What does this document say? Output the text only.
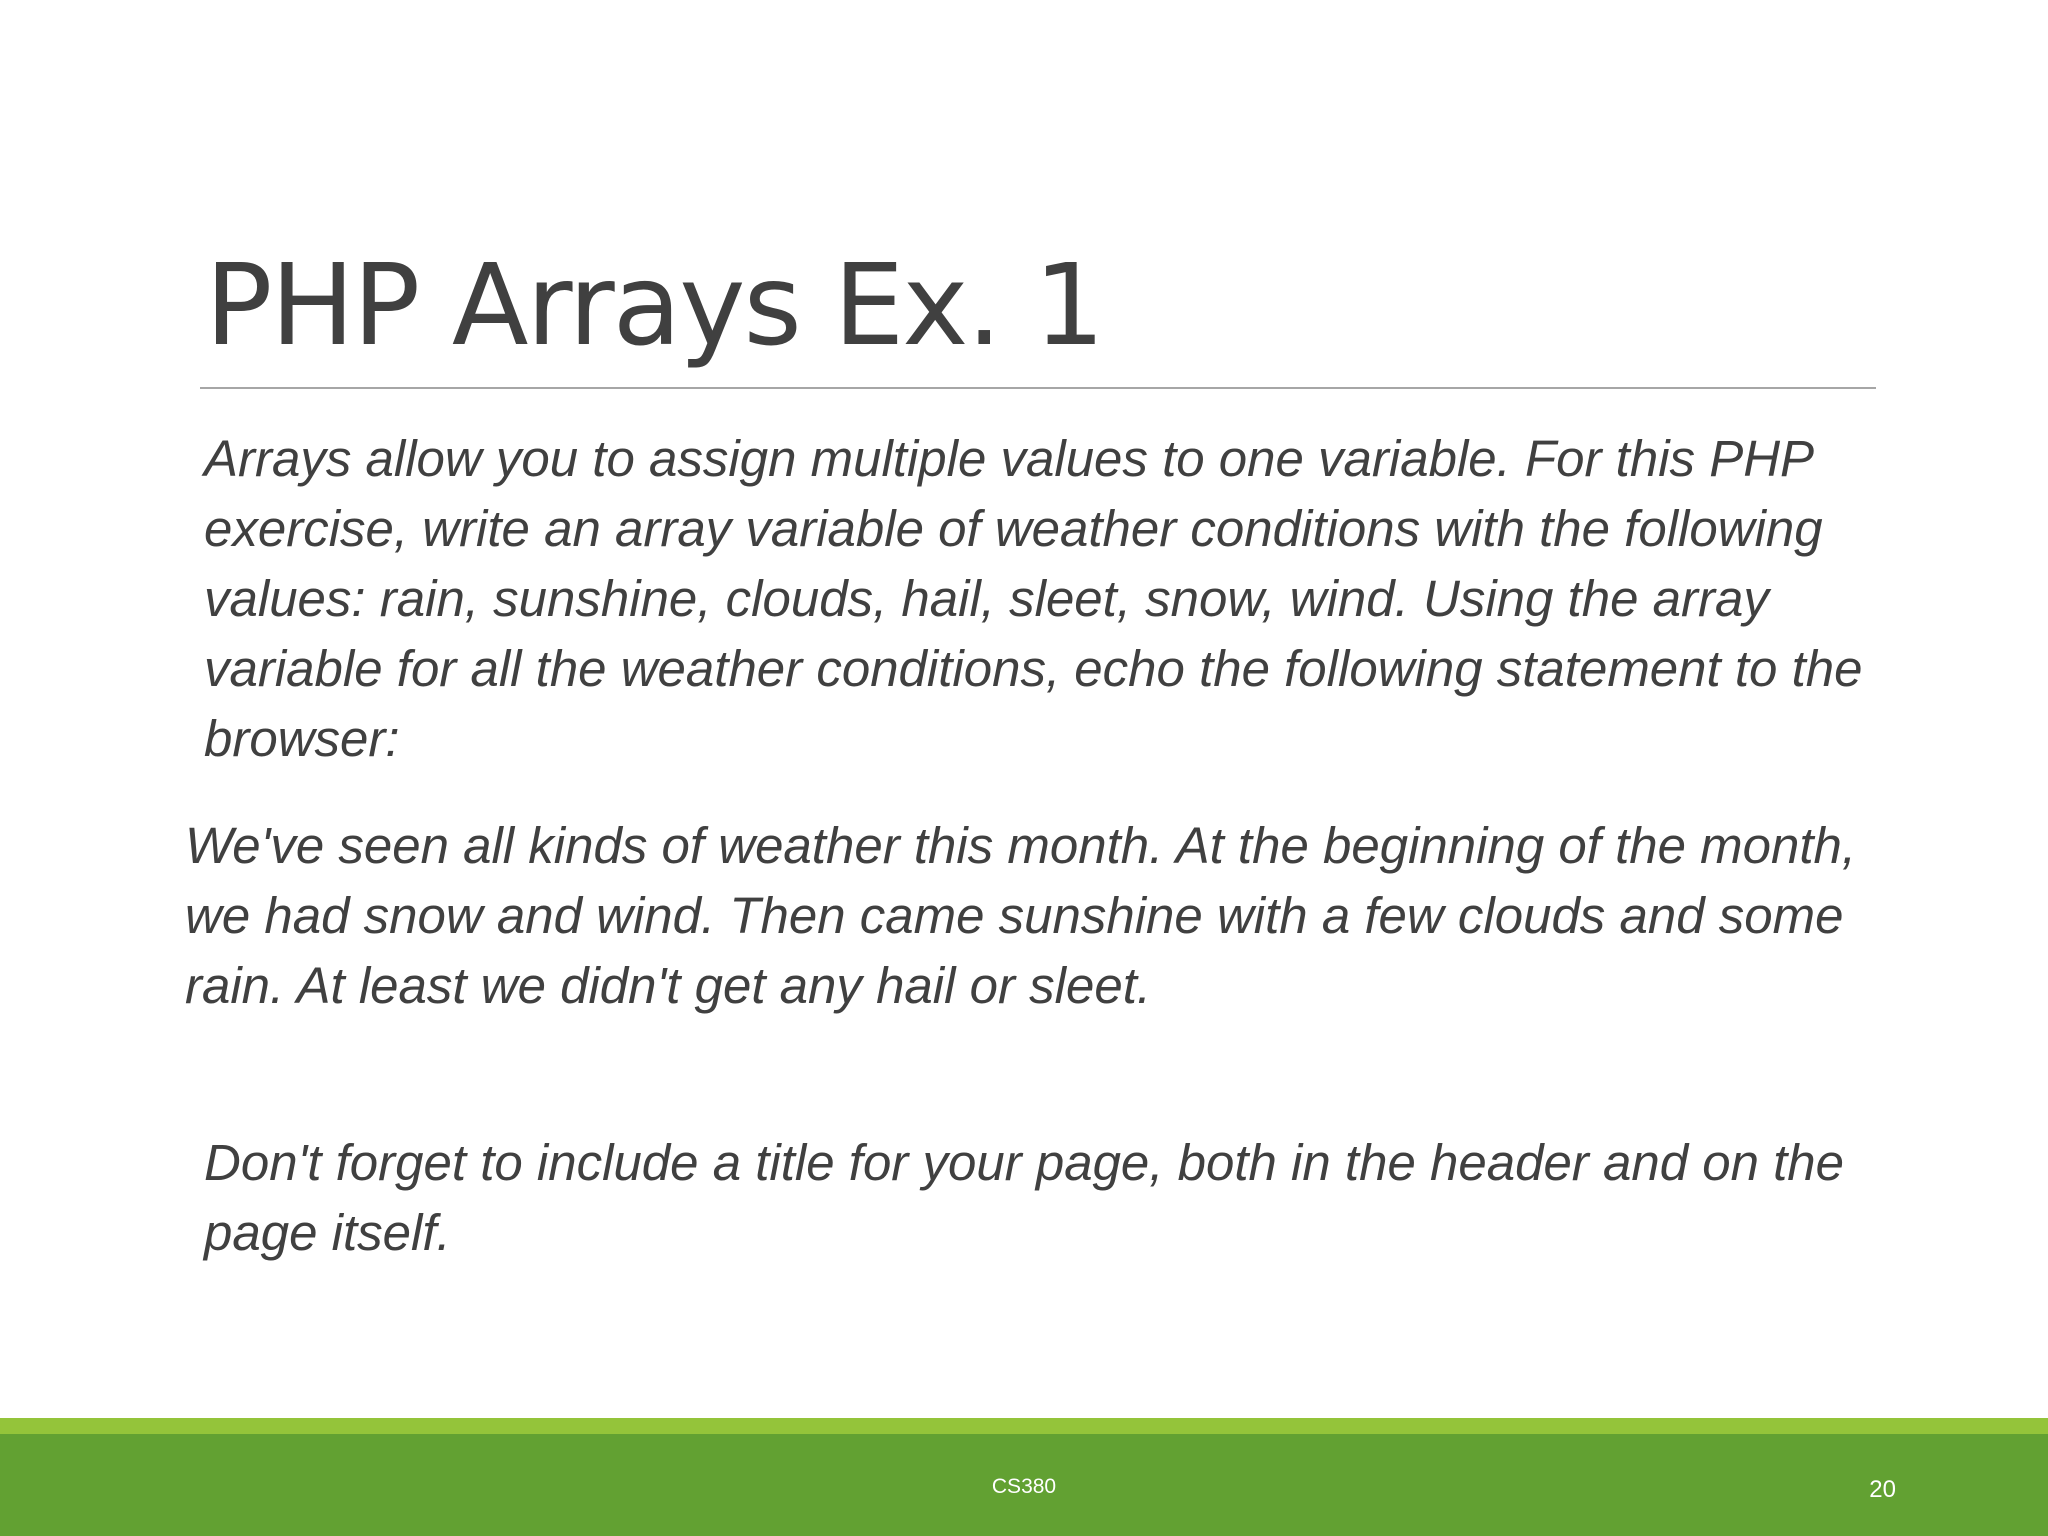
PHP Arrays Ex. 1

Arrays allow you to assign multiple values to one variable. For this PHP exercise, write an array variable of weather conditions with the following values: rain, sunshine, clouds, hail, sleet, snow, wind. Using the array variable for all the weather conditions, echo the following statement to the browser:

We've seen all kinds of weather this month. At the beginning of the month, we had snow and wind. Then came sunshine with a few clouds and some rain. At least we didn't get any hail or sleet.

Don't forget to include a title for your page, both in the header and on the page itself.

CS380	20
